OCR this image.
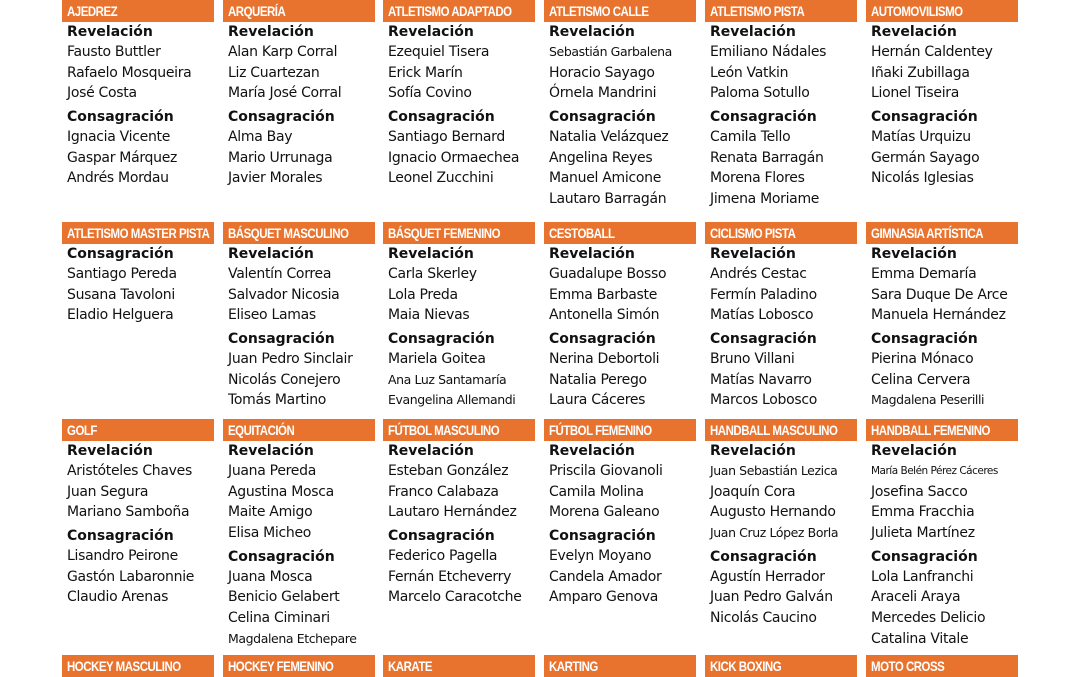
AJEDREZ
Revelación
Fausto Buttler
Rafaelo Mosqueira
José Costa
Consagración
Ignacia Vicente
Gaspar Márquez
Andrés Mordau
ARQUERÍA
Revelación
Alan Karp Corral
Liz Cuartezan
María José Corral
Consagración
Alma Bay
Mario Urrunaga
Javier Morales
ATLETISMO ADAPTADO
Revelación
Ezequiel Tisera
Erick Marín
Sofía Covino
Consagración
Santiago Bernard
Ignacio Ormaechea
Leonel Zucchini
ATLETISMO CALLE
Revelación
Sebastián Garbalena
Horacio Sayago
Órnela Mandrini
Consagración
Natalia Velázquez
Angelina Reyes
Manuel Amicone
Lautaro Barragán
ATLETISMO PISTA
Revelación
Emiliano Nádales
León Vatkin
Paloma Sotullo
Consagración
Camila Tello
Renata Barragán
Morena Flores
Jimena Moriame
AUTOMOVILISMO
Revelación
Hernán Caldentey
Iñaki Zubillaga
Lionel Tiseira
Consagración
Matías Urquizu
Germán Sayago
Nicolás Iglesias
ATLETISMO MASTER PISTA
Consagración
Santiago Pereda
Susana Tavoloni
Eladio Helguera
BÁSQUET MASCULINO
Revelación
Valentín Correa
Salvador Nicosia
Eliseo Lamas
Consagración
Juan Pedro Sinclair
Nicolás Conejero
Tomás Martino
BÁSQUET FEMENINO
Revelación
Carla Skerley
Lola Preda
Maia Nievas
Consagración
Mariela Goitea
Ana Luz Santamaría
Evangelina Allemandi
CESTOBALL
Revelación
Guadalupe Bosso
Emma Barbaste
Antonella Simón
Consagración
Nerina Debortoli
Natalia Perego
Laura Cáceres
CICLISMO PISTA
Revelación
Andrés Cestac
Fermín Paladino
Matías Lobosco
Consagración
Bruno Villani
Matías Navarro
Marcos Lobosco
GIMNASIA ARTÍSTICA
Revelación
Emma Demaría
Sara Duque De Arce
Manuela Hernández
Consagración
Pierina Mónaco
Celina Cervera
Magdalena Peserilli
GOLF
Revelación
Aristóteles Chaves
Juan Segura
Mariano Samboña
Consagración
Lisandro Peirone
Gastón Labaronnie
Claudio Arenas
EQUITACIÓN
Revelación
Juana Pereda
Agustina Mosca
Maite Amigo
Elisa Micheo
Consagración
Juana Mosca
Benicio Gelabert
Celina Ciminari
Magdalena Etchepare
FÚTBOL MASCULINO
Revelación
Esteban González
Franco Calabaza
Lautaro Hernández
Consagración
Federico Pagella
Fernán Etcheverry
Marcelo Caracotche
FÚTBOL FEMENINO
Revelación
Priscila Giovanoli
Camila Molina
Morena Galeano
Consagración
Evelyn Moyano
Candela Amador
Amparo Genova
HANDBALL MASCULINO
Revelación
Juan Sebastián Lezica
Joaquín Cora
Augusto Hernando
Juan Cruz López Borla
Consagración
Agustín Herrador
Juan Pedro Galván
Nicolás Caucino
HANDBALL FEMENINO
Revelación
María Belén Pérez Cáceres
Josefina Sacco
Emma Fracchia
Julieta Martínez
Consagración
Lola Lanfranchi
Araceli Araya
Mercedes Delicio
Catalina Vitale
HOCKEY MASCULINO	HOCKEY FEMENINO	KARATE	KARTING	KICK BOXING	MOTO CROSS
